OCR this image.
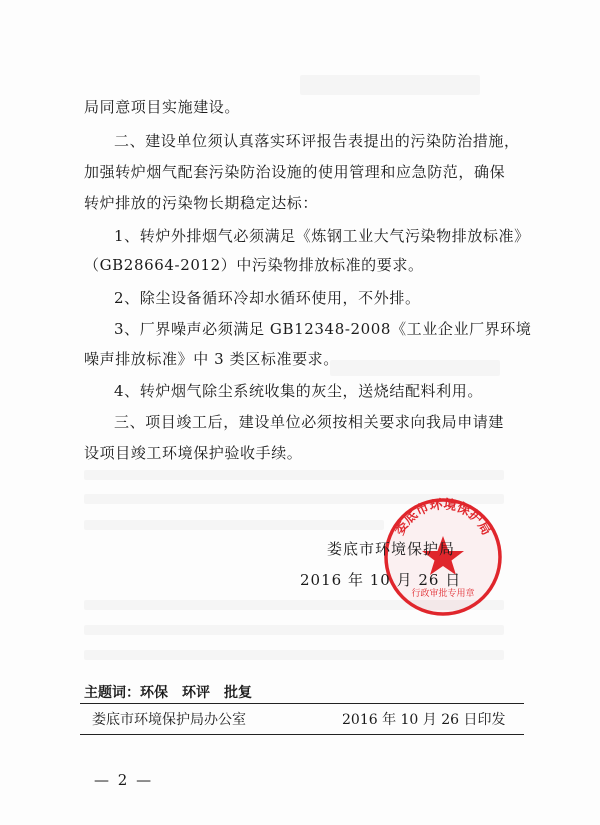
局同意项目实施建设。
二、建设单位须认真落实环评报告表提出的污染防治措施，
加强转炉烟气配套污染防治设施的使用管理和应急防范，确保
转炉排放的污染物长期稳定达标：
1、转炉外排烟气必须满足《炼钢工业大气污染物排放标准》
（GB28664-2012）中污染物排放标准的要求。
2、除尘设备循环冷却水循环使用，不外排。
3、厂界噪声必须满足 GB12348-2008《工业企业厂界环境
噪声排放标准》中 3 类区标准要求。
4、转炉烟气除尘系统收集的灰尘，送烧结配料利用。
三、项目竣工后，建设单位必须按相关要求向我局申请建
设项目竣工环境保护验收手续。
娄底市环境保护局
行政审批专用章
娄底市环境保护局
2016 年 10 月 26 日
主题词：环保　环评　批复
娄底市环境保护局办公室	2016 年 10 月 26 日印发
— 2 —
